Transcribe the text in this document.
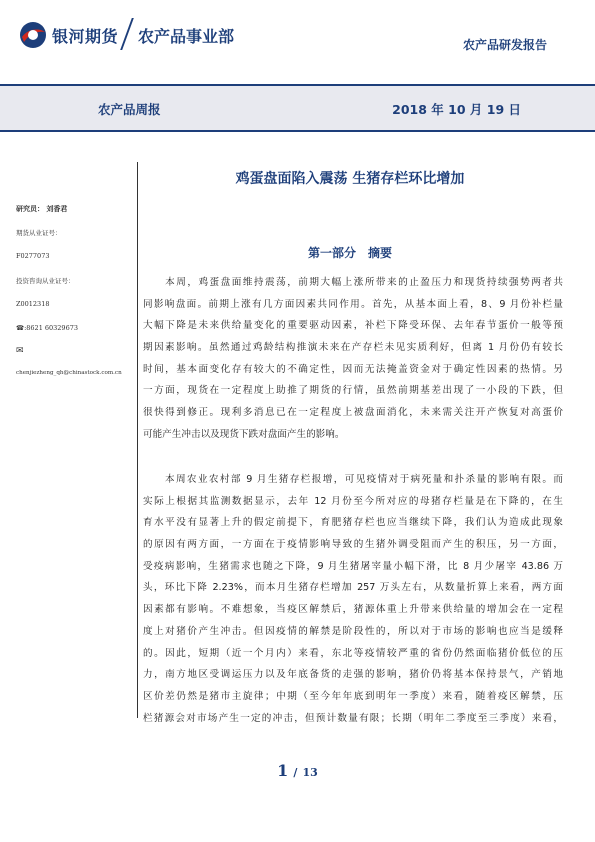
银河期货 农产品事业部	农产品研发报告
农产品周报	2018 年 10 月 19 日
研究员： 刘香君
期货从业证号：
F0277073
投资咨询从业证号：
Z0012318
☎:8621 60329673
✉
chenjiezheng_qh@chinastock.com.cn
鸡蛋盘面陷入震荡 生猪存栏环比增加
第一部分　摘要
　　本周，鸡蛋盘面维持震荡，前期大幅上涨所带来的止盈压力和现货持续强势两者共
同影响盘面。前期上涨有几方面因素共同作用。首先，从基本面上看，8、9 月份补栏量
大幅下降是未来供给量变化的重要驱动因素，补栏下降受环保、去年春节蛋价一般等预
期因素影响。虽然通过鸡龄结构推演未来在产存栏未见实质利好，但离 1 月份仍有较长
时间，基本面变化存有较大的不确定性，因而无法掩盖资金对于确定性因素的热情。另
一方面，现货在一定程度上助推了期货的行情，虽然前期基差出现了一小段的下跌，但
很快得到修正。现利多消息已在一定程度上被盘面消化，未来需关注开产恢复对高蛋价
可能产生冲击以及现货下跌对盘面产生的影响。
　　本周农业农村部 9 月生猪存栏报增，可见疫情对于病死量和扑杀量的影响有限。而
实际上根据其监测数据显示，去年 12 月份至今所对应的母猪存栏量是在下降的，在生
育水平没有显著上升的假定前提下，育肥猪存栏也应当继续下降，我们认为造成此现象
的原因有两方面，一方面在于疫情影响导致的生猪外调受阻而产生的积压，另一方面，
受疫病影响，生猪需求也随之下降，9 月生猪屠宰量小幅下滑，比 8 月少屠宰 43.86 万
头，环比下降 2.23%，而本月生猪存栏增加 257 万头左右，从数量折算上来看，两方面
因素都有影响。不难想象，当疫区解禁后，猪源体重上升带来供给量的增加会在一定程
度上对猪价产生冲击。但因疫情的解禁是阶段性的，所以对于市场的影响也应当是缓释
的。因此，短期（近一个月内）来看，东北等疫情较严重的省份仍然面临猪价低位的压
力，南方地区受调运压力以及年底备货的走强的影响，猪价仍将基本保持景气，产销地
区价差仍然是猪市主旋律；中期（至今年年底到明年一季度）来看，随着疫区解禁，压
栏猪源会对市场产生一定的冲击，但预计数量有限；长期（明年二季度至三季度）来看，
1 / 13
